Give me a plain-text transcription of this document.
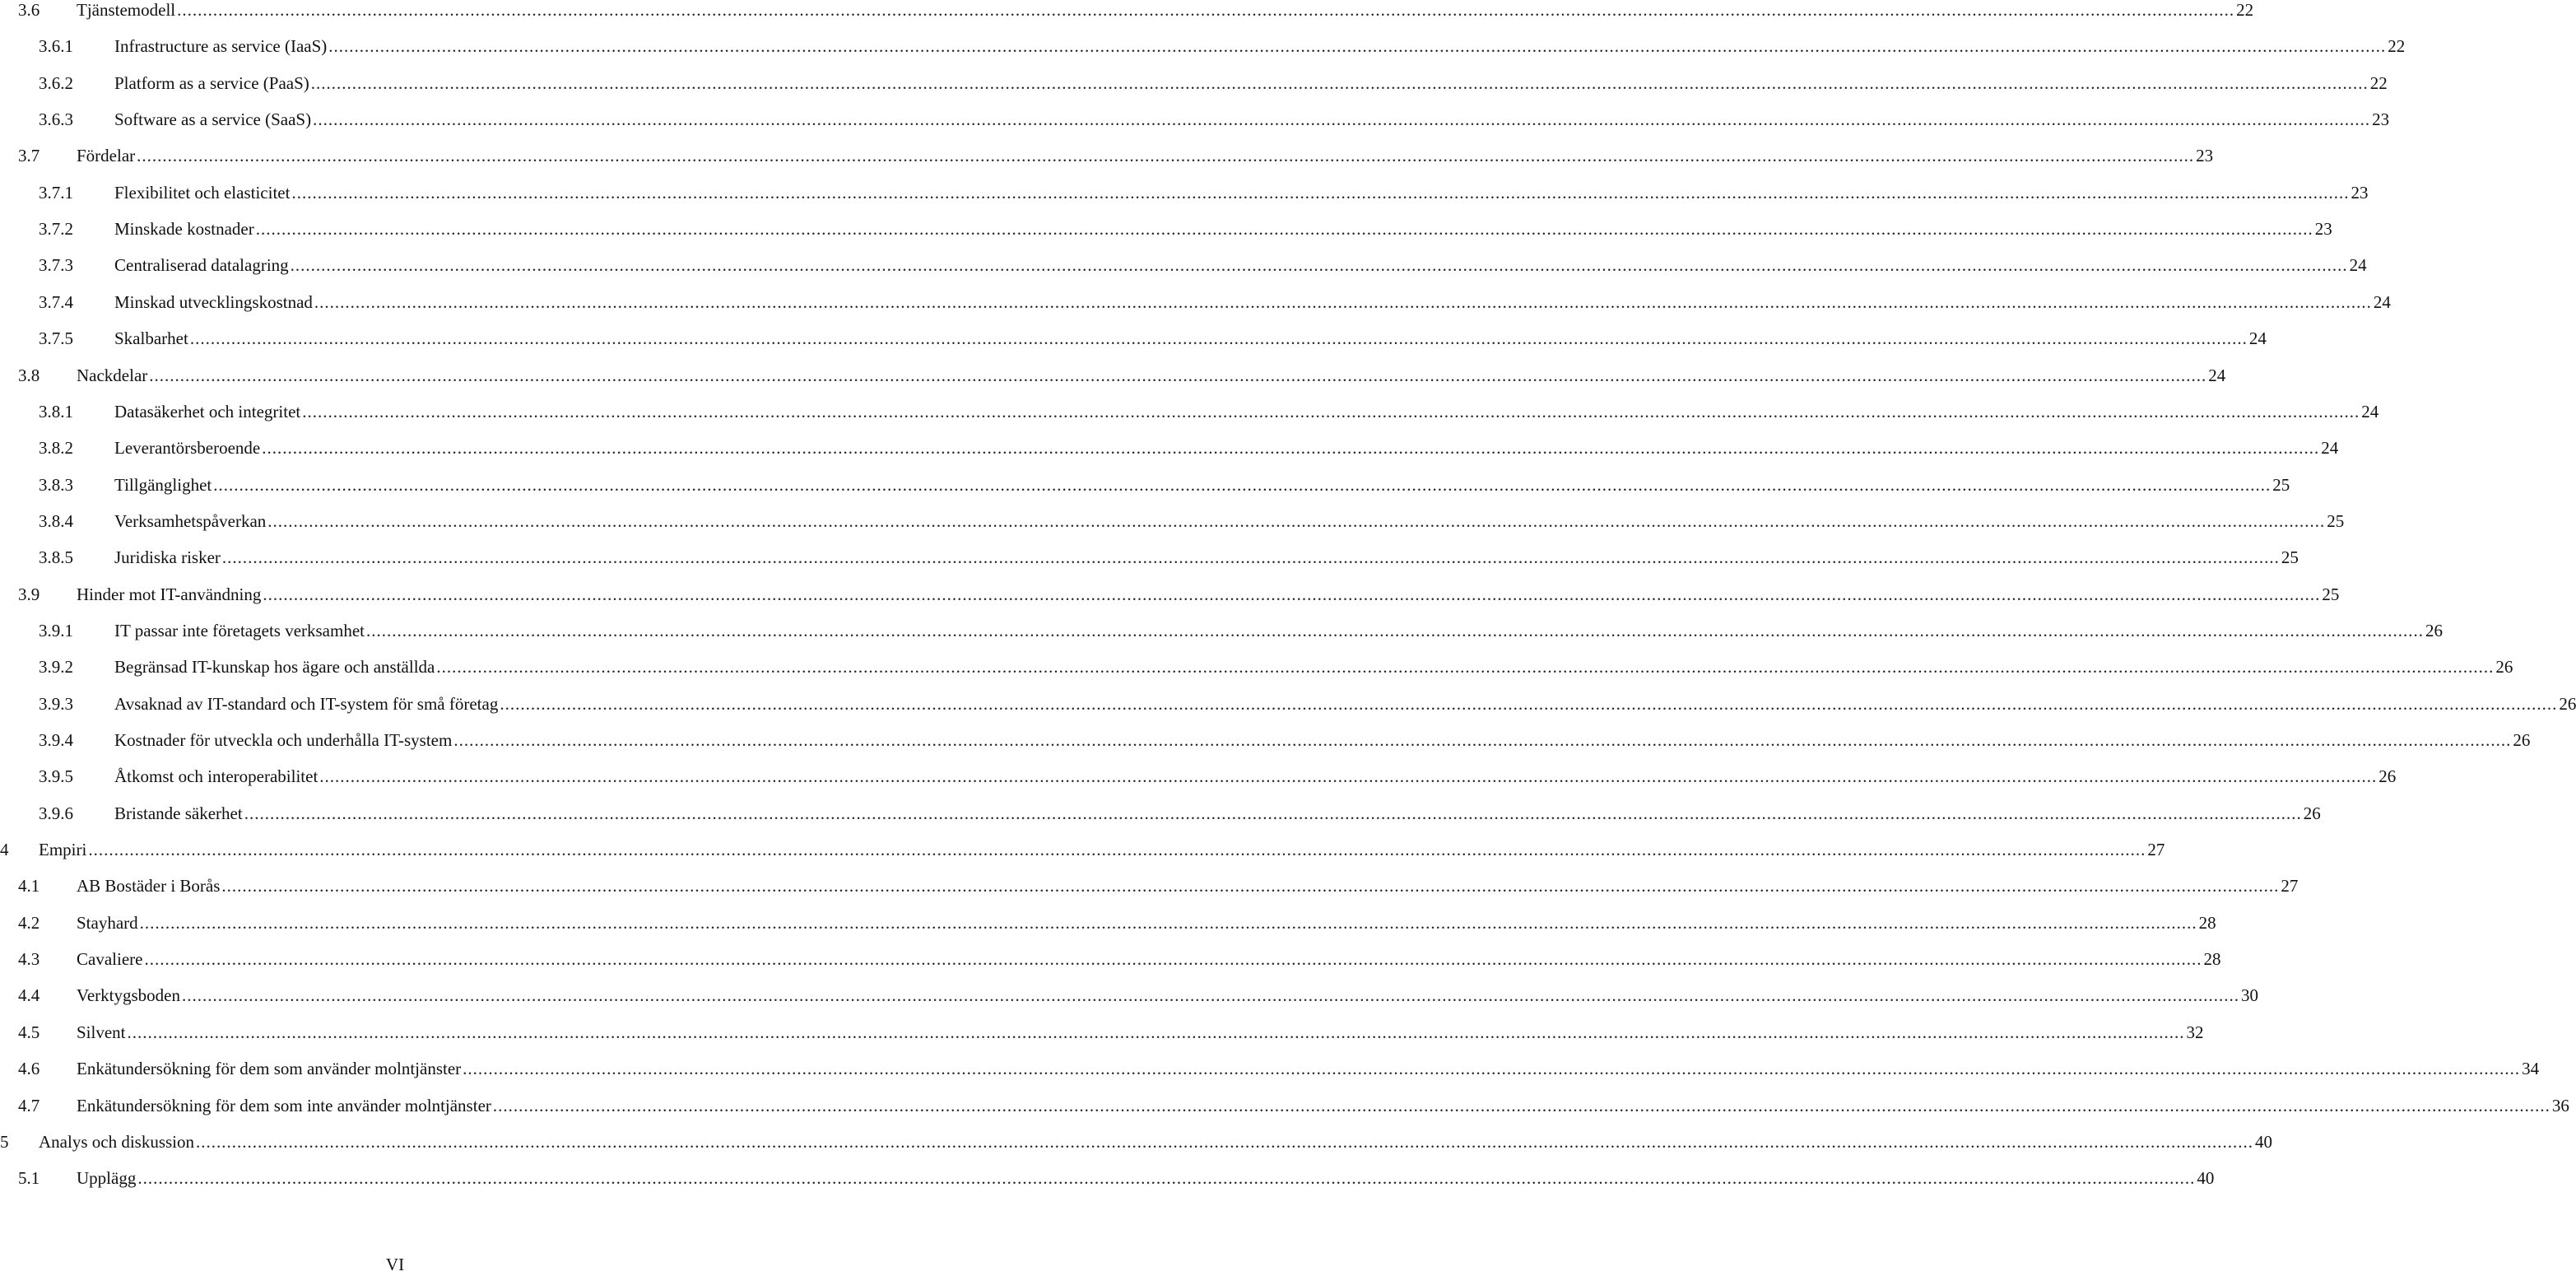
3.6 Tjänstemodell ................................................................................................................................................................................................................................................................................................................................................................................................................ 22
3.6.1 Infrastructure as service (IaaS) ................................................................................................................................................................................................................................................................................................................................................................................................................ 22
3.6.2 Platform as a service (PaaS) ................................................................................................................................................................................................................................................................................................................................................................................................................ 22
3.6.3 Software as a service (SaaS) ................................................................................................................................................................................................................................................................................................................................................................................................................ 23
3.7 Fördelar ................................................................................................................................................................................................................................................................................................................................................................................................................ 23
3.7.1 Flexibilitet och elasticitet ................................................................................................................................................................................................................................................................................................................................................................................................................ 23
3.7.2 Minskade kostnader ................................................................................................................................................................................................................................................................................................................................................................................................................ 23
3.7.3 Centraliserad datalagring ................................................................................................................................................................................................................................................................................................................................................................................................................ 24
3.7.4 Minskad utvecklingskostnad ................................................................................................................................................................................................................................................................................................................................................................................................................ 24
3.7.5 Skalbarhet ................................................................................................................................................................................................................................................................................................................................................................................................................ 24
3.8 Nackdelar ................................................................................................................................................................................................................................................................................................................................................................................................................ 24
3.8.1 Datasäkerhet och integritet ................................................................................................................................................................................................................................................................................................................................................................................................................ 24
3.8.2 Leverantörsberoende ................................................................................................................................................................................................................................................................................................................................................................................................................ 24
3.8.3 Tillgänglighet ................................................................................................................................................................................................................................................................................................................................................................................................................ 25
3.8.4 Verksamhetspåverkan ................................................................................................................................................................................................................................................................................................................................................................................................................ 25
3.8.5 Juridiska risker ................................................................................................................................................................................................................................................................................................................................................................................................................ 25
3.9 Hinder mot IT-användning ................................................................................................................................................................................................................................................................................................................................................................................................................ 25
3.9.1 IT passar inte företagets verksamhet ................................................................................................................................................................................................................................................................................................................................................................................................................ 26
3.9.2 Begränsad IT-kunskap hos ägare och anställda ................................................................................................................................................................................................................................................................................................................................................................................................................ 26
3.9.3 Avsaknad av IT-standard och IT-system för små företag ................................................................................................................................................................................................................................................................................................................................................................................................................ 26
3.9.4 Kostnader för utveckla och underhålla IT-system ................................................................................................................................................................................................................................................................................................................................................................................................................ 26
3.9.5 Åtkomst och interoperabilitet ................................................................................................................................................................................................................................................................................................................................................................................................................ 26
3.9.6 Bristande säkerhet ................................................................................................................................................................................................................................................................................................................................................................................................................ 26
4 Empiri ................................................................................................................................................................................................................................................................................................................................................................................................................ 27
4.1 AB Bostäder i Borås ................................................................................................................................................................................................................................................................................................................................................................................................................ 27
4.2 Stayhard ................................................................................................................................................................................................................................................................................................................................................................................................................ 28
4.3 Cavaliere ................................................................................................................................................................................................................................................................................................................................................................................................................ 28
4.4 Verktygsboden ................................................................................................................................................................................................................................................................................................................................................................................................................ 30
4.5 Silvent ................................................................................................................................................................................................................................................................................................................................................................................................................ 32
4.6 Enkätundersökning för dem som använder molntjänster ................................................................................................................................................................................................................................................................................................................................................................................................................ 34
4.7 Enkätundersökning för dem som inte använder molntjänster ................................................................................................................................................................................................................................................................................................................................................................................................................ 36
5 Analys och diskussion ................................................................................................................................................................................................................................................................................................................................................................................................................ 40
5.1 Upplägg ................................................................................................................................................................................................................................................................................................................................................................................................................ 40
VI
